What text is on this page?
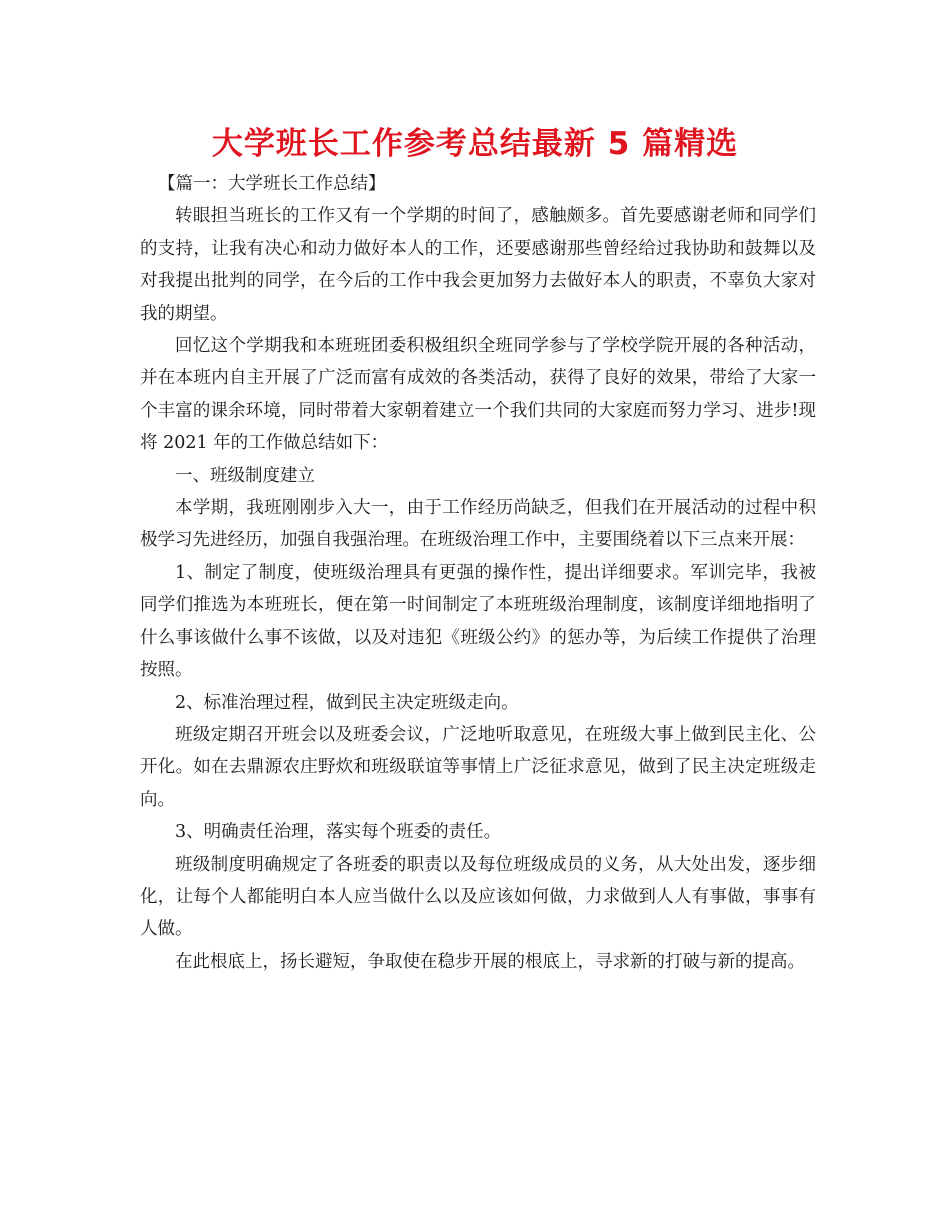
大学班长工作参考总结最新 5 篇精选

【篇一：大学班长工作总结】

转眼担当班长的工作又有一个学期的时间了，感触颇多。首先要感谢老师和同学们的支持，让我有决心和动力做好本人的工作，还要感谢那些曾经给过我协助和鼓舞以及对我提出批判的同学，在今后的工作中我会更加努力去做好本人的职责，不辜负大家对我的期望。

回忆这个学期我和本班班团委积极组织全班同学参与了学校学院开展的各种活动，并在本班内自主开展了广泛而富有成效的各类活动，获得了良好的效果，带给了大家一个丰富的课余环境，同时带着大家朝着建立一个我们共同的大家庭而努力学习、进步!现将 2021 年的工作做总结如下：

一、班级制度建立

本学期，我班刚刚步入大一，由于工作经历尚缺乏，但我们在开展活动的过程中积极学习先进经历，加强自我强治理。在班级治理工作中，主要围绕着以下三点来开展：

1、制定了制度，使班级治理具有更强的操作性，提出详细要求。军训完毕，我被同学们推选为本班班长，便在第一时间制定了本班班级治理制度，该制度详细地指明了什么事该做什么事不该做，以及对违犯《班级公约》的惩办等，为后续工作提供了治理按照。

2、标准治理过程，做到民主决定班级走向。

班级定期召开班会以及班委会议，广泛地听取意见，在班级大事上做到民主化、公开化。如在去鼎源农庄野炊和班级联谊等事情上广泛征求意见，做到了民主决定班级走向。

3、明确责任治理，落实每个班委的责任。

班级制度明确规定了各班委的职责以及每位班级成员的义务，从大处出发，逐步细化，让每个人都能明白本人应当做什么以及应该如何做，力求做到人人有事做，事事有人做。

在此根底上，扬长避短，争取使在稳步开展的根底上，寻求新的打破与新的提高。
